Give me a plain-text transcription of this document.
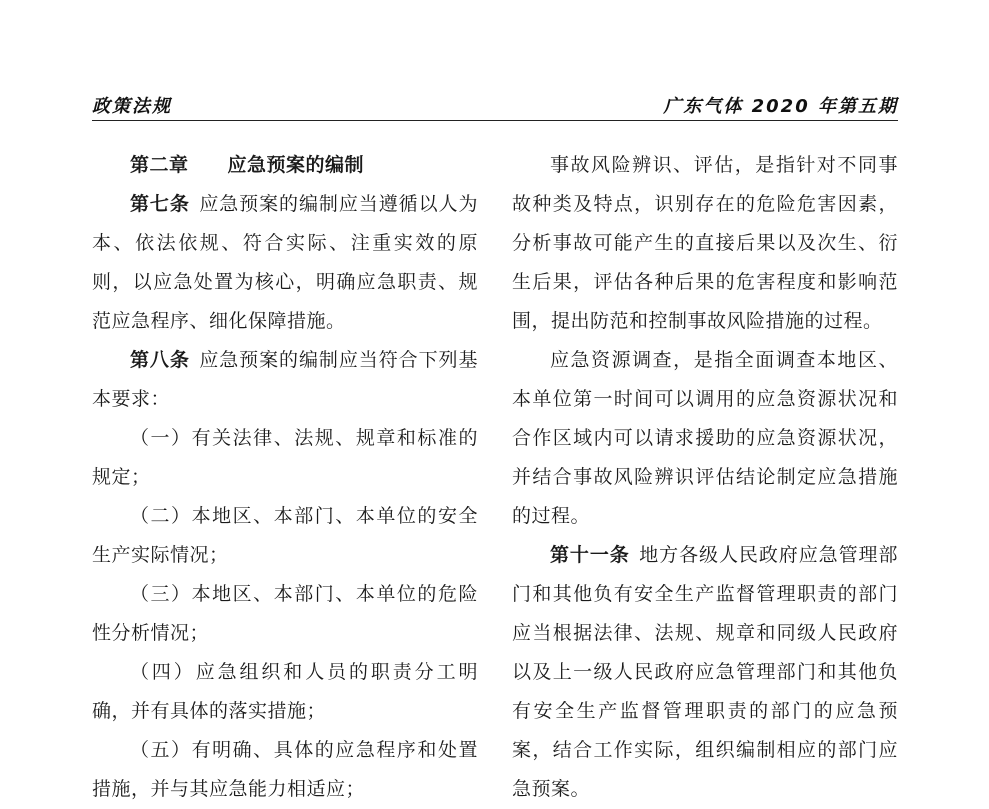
政策法规	广东气体 2020 年第五期

第二章　　应急预案的编制

第七条 应急预案的编制应当遵循以人为本、依法依规、符合实际、注重实效的原则，以应急处置为核心，明确应急职责、规范应急程序、细化保障措施。

第八条 应急预案的编制应当符合下列基本要求：

（一）有关法律、法规、规章和标准的规定；

（二）本地区、本部门、本单位的安全生产实际情况；

（三）本地区、本部门、本单位的危险性分析情况；

（四）应急组织和人员的职责分工明确，并有具体的落实措施；

（五）有明确、具体的应急程序和处置措施，并与其应急能力相适应；

事故风险辨识、评估，是指针对不同事故种类及特点，识别存在的危险危害因素，分析事故可能产生的直接后果以及次生、衍生后果，评估各种后果的危害程度和影响范围，提出防范和控制事故风险措施的过程。

应急资源调查，是指全面调查本地区、本单位第一时间可以调用的应急资源状况和合作区域内可以请求援助的应急资源状况，并结合事故风险辨识评估结论制定应急措施的过程。

第十一条 地方各级人民政府应急管理部门和其他负有安全生产监督管理职责的部门应当根据法律、法规、规章和同级人民政府以及上一级人民政府应急管理部门和其他负有安全生产监督管理职责的部门的应急预案，结合工作实际，组织编制相应的部门应急预案。
